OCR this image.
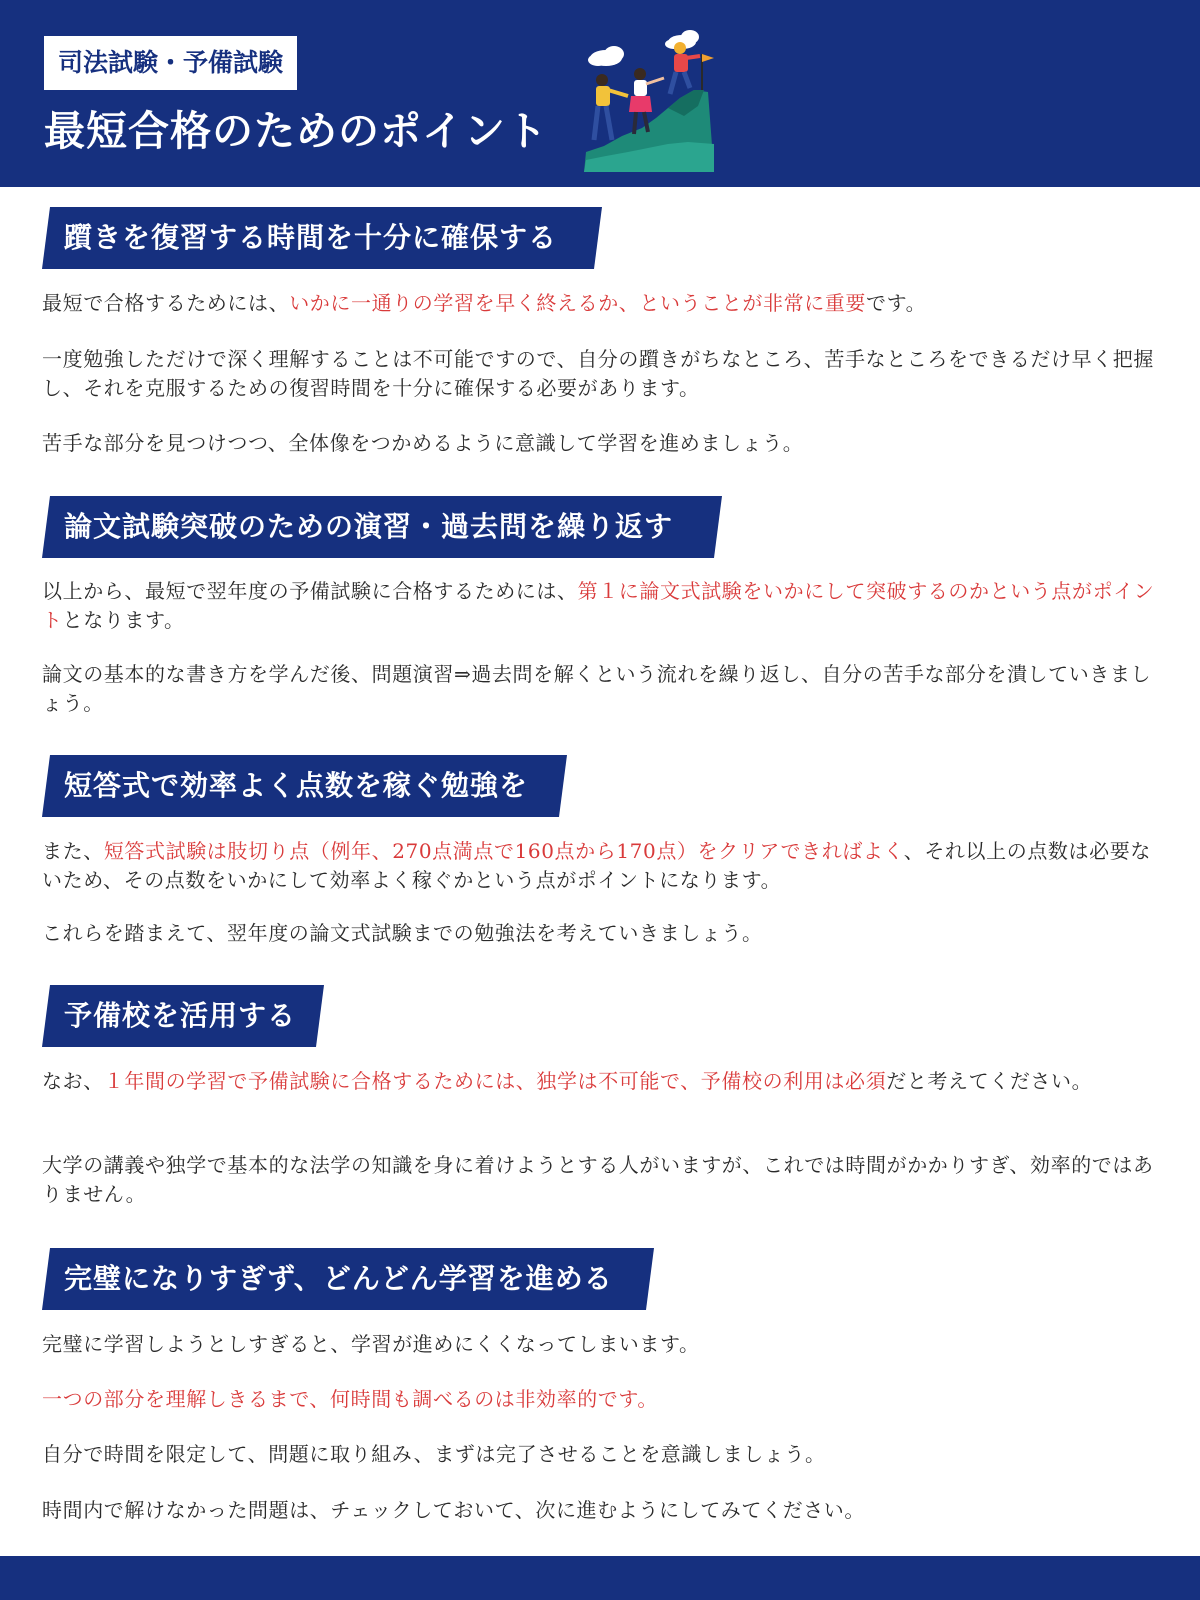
司法試験・予備試験
最短合格のためのポイント
躓きを復習する時間を十分に確保する
最短で合格するためには、いかに一通りの学習を早く終えるか、ということが非常に重要です。
一度勉強しただけで深く理解することは不可能ですので、自分の躓きがちなところ、苦手なところをできるだけ早く把握し、それを克服するための復習時間を十分に確保する必要があります。
苦手な部分を見つけつつ、全体像をつかめるように意識して学習を進めましょう。
論文試験突破のための演習・過去問を繰り返す
以上から、最短で翌年度の予備試験に合格するためには、第１に論文式試験をいかにして突破するのかという点がポイントとなります。
論文の基本的な書き方を学んだ後、問題演習⇒過去問を解くという流れを繰り返し、自分の苦手な部分を潰していきましょう。
短答式で効率よく点数を稼ぐ勉強を
また、短答式試験は肢切り点（例年、270点満点で160点から170点）をクリアできればよく、それ以上の点数は必要ないため、その点数をいかにして効率よく稼ぐかという点がポイントになります。
これらを踏まえて、翌年度の論文式試験までの勉強法を考えていきましょう。
予備校を活用する
なお、１年間の学習で予備試験に合格するためには、独学は不可能で、予備校の利用は必須だと考えてください。
大学の講義や独学で基本的な法学の知識を身に着けようとする人がいますが、これでは時間がかかりすぎ、効率的ではありません。
完璧になりすぎず、どんどん学習を進める
完璧に学習しようとしすぎると、学習が進めにくくなってしまいます。
一つの部分を理解しきるまで、何時間も調べるのは非効率的です。
自分で時間を限定して、問題に取り組み、まずは完了させることを意識しましょう。
時間内で解けなかった問題は、チェックしておいて、次に進むようにしてみてください。
